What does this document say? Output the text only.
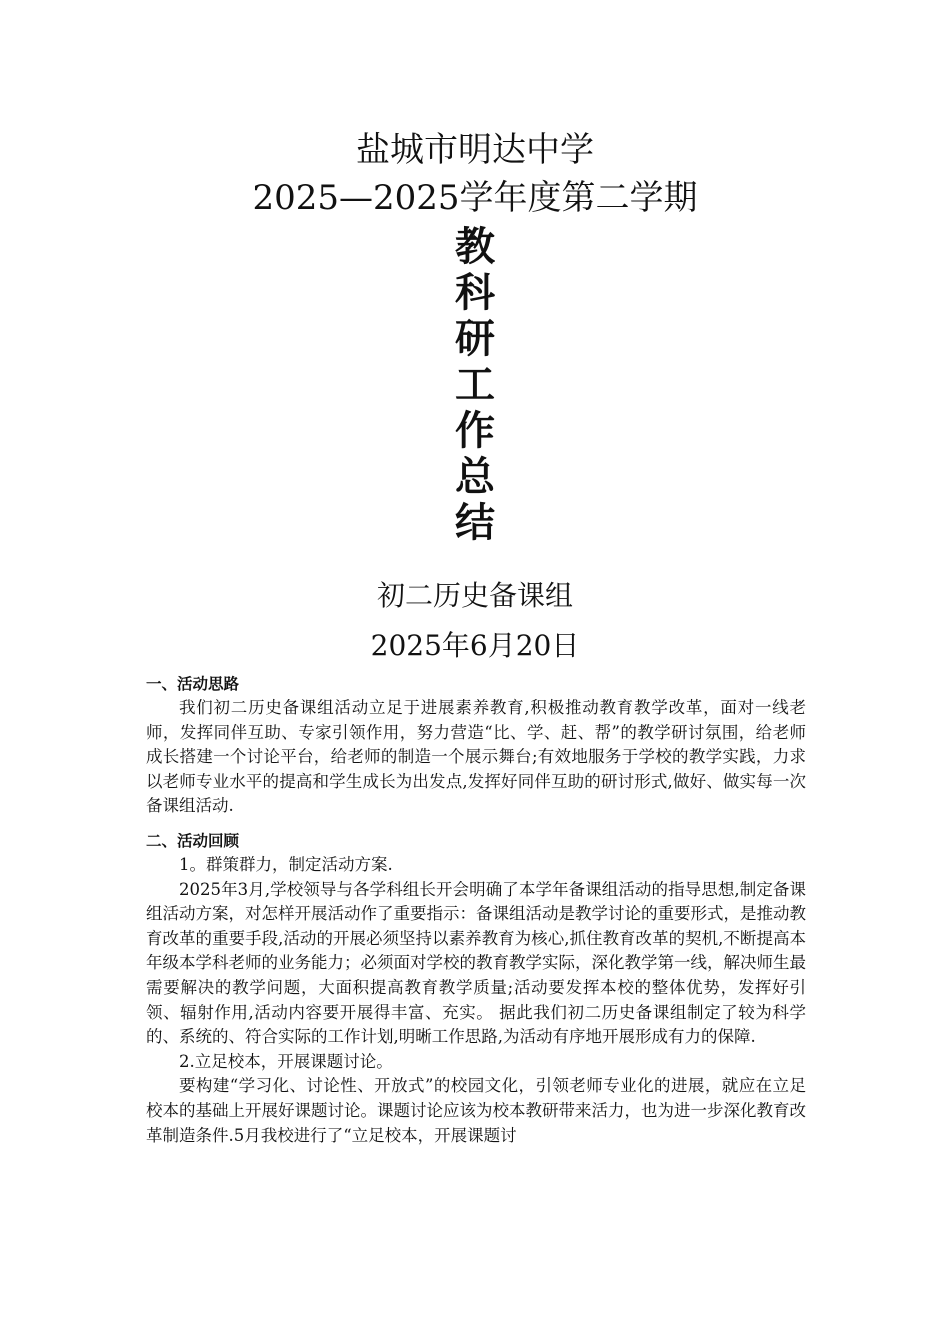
盐城市明达中学
2025—2025学年度第二学期
教
科
研
工
作
总
结
初二历史备课组
2025年6月20日

一、活动思路

我们初二历史备课组活动立足于进展素养教育,积极推动教育教学改革，面对一线老师，发挥同伴互助、专家引领作用，努力营造“比、学、赶、帮”的教学研讨氛围，给老师成长搭建一个讨论平台，给老师的制造一个展示舞台;有效地服务于学校的教学实践，力求以老师专业水平的提高和学生成长为出发点,发挥好同伴互助的研讨形式,做好、做实每一次备课组活动.

二、活动回顾

1。群策群力，制定活动方案.

2025年3月,学校领导与各学科组长开会明确了本学年备课组活动的指导思想,制定备课组活动方案，对怎样开展活动作了重要指示：备课组活动是教学讨论的重要形式，是推动教育改革的重要手段,活动的开展必须坚持以素养教育为核心,抓住教育改革的契机,不断提高本年级本学科老师的业务能力；必须面对学校的教育教学实际，深化教学第一线，解决师生最需要解决的教学问题，大面积提高教育教学质量;活动要发挥本校的整体优势，发挥好引领、辐射作用,活动内容要开展得丰富、充实。 据此我们初二历史备课组制定了较为科学的、系统的、符合实际的工作计划,明晰工作思路,为活动有序地开展形成有力的保障.

2.立足校本，开展课题讨论。

要构建“学习化、讨论性、开放式”的校园文化，引领老师专业化的进展，就应在立足校本的基础上开展好课题讨论。课题讨论应该为校本教研带来活力，也为进一步深化教育改革制造条件.5月我校进行了“立足校本，开展课题讨
